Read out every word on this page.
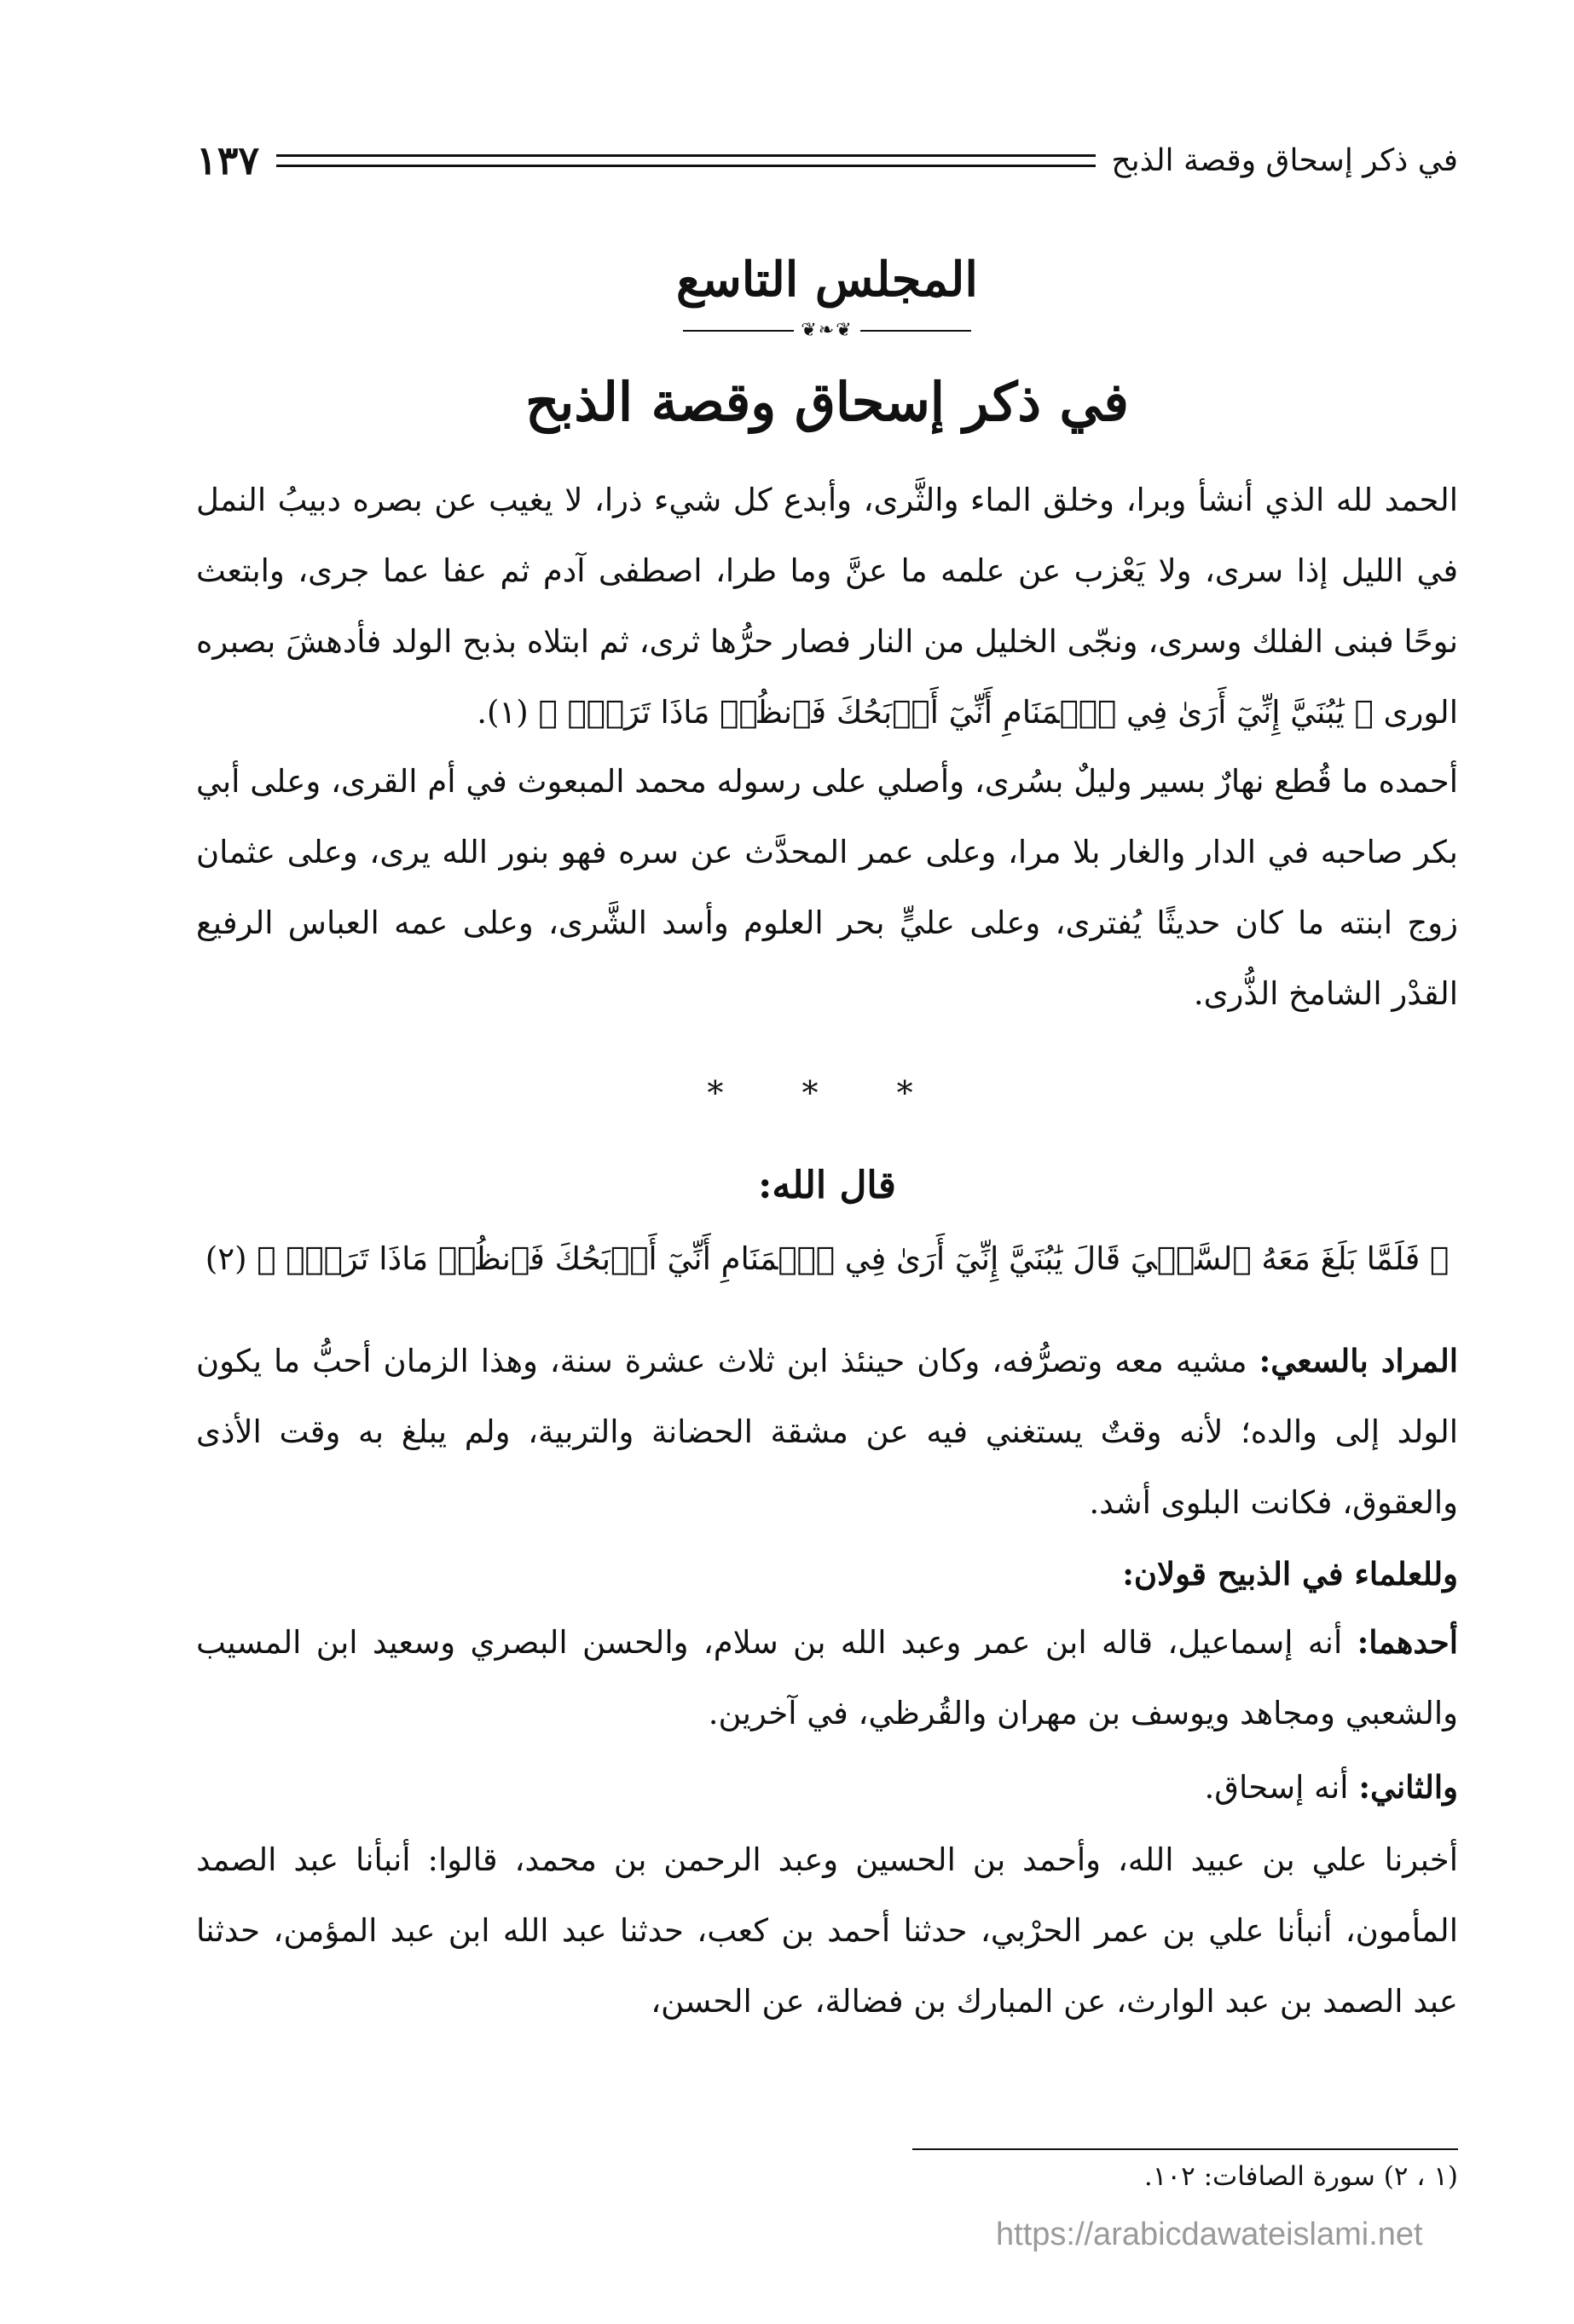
في ذكر إسحاق وقصة الذبح
١٣٧
المجلس التاسع
❦❧❦
في ذكر إسحاق وقصة الذبح
الحمد لله الذي أنشأ وبرا، وخلق الماء والثَّرى، وأبدع كل شيء ذرا، لا يغيب عن بصره دبيبُ النمل في الليل إذا سرى، ولا يَعْزب عن علمه ما عنَّ وما طرا، اصطفى آدم ثم عفا عما جرى، وابتعث نوحًا فبنى الفلك وسرى، ونجّى الخليل من النار فصار حرُّها ثرى، ثم ابتلاه بذبح الولد فأدهشَ بصبره الورى ﴿ يَٰبُنَيَّ إِنِّيٓ أَرَىٰ فِي ٱلۡمَنَامِ أَنِّيٓ أَذۡبَحُكَ فَٱنظُرۡ مَاذَا تَرَىٰۚ ﴾ (١).
أحمده ما قُطع نهارٌ بسير وليلٌ بسُرى، وأصلي على رسوله محمد المبعوث في أم القرى، وعلى أبي بكر صاحبه في الدار والغار بلا مرا، وعلى عمر المحدَّث عن سره فهو بنور الله يرى، وعلى عثمان زوج ابنته ما كان حديثًا يُفترى، وعلى عليٍّ بحر العلوم وأسد الشَّرى، وعلى عمه العباس الرفيع القدْر الشامخ الذُّرى.
* * *
قال الله:
﴿ فَلَمَّا بَلَغَ مَعَهُ ٱلسَّعۡيَ قَالَ يَٰبُنَيَّ إِنِّيٓ أَرَىٰ فِي ٱلۡمَنَامِ أَنِّيٓ أَذۡبَحُكَ فَٱنظُرۡ مَاذَا تَرَىٰۚ ﴾ (٢)
المراد بالسعي: مشيه معه وتصرُّفه، وكان حينئذ ابن ثلاث عشرة سنة، وهذا الزمان أحبُّ ما يكون الولد إلى والده؛ لأنه وقتٌ يستغني فيه عن مشقة الحضانة والتربية، ولم يبلغ به وقت الأذى والعقوق، فكانت البلوى أشد.
وللعلماء في الذبيح قولان:
أحدهما: أنه إسماعيل، قاله ابن عمر وعبد الله بن سلام، والحسن البصري وسعيد ابن المسيب والشعبي ومجاهد ويوسف بن مهران والقُرظي، في آخرين.
والثاني: أنه إسحاق.
أخبرنا علي بن عبيد الله، وأحمد بن الحسين وعبد الرحمن بن محمد، قالوا: أنبأنا عبد الصمد المأمون، أنبأنا علي بن عمر الحرْبي، حدثنا أحمد بن كعب، حدثنا عبد الله ابن عبد المؤمن، حدثنا عبد الصمد بن عبد الوارث، عن المبارك بن فضالة، عن الحسن،
(١ ، ٢) سورة الصافات: ١٠٢.
https://arabicdawateislami.net
